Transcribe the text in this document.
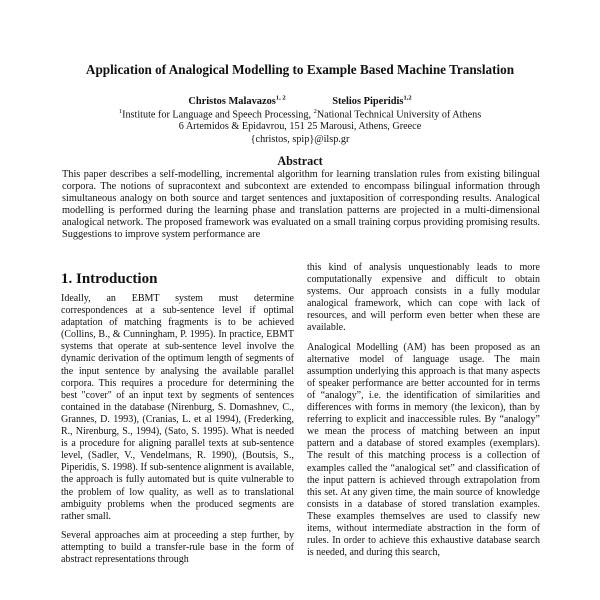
Application of Analogical Modelling to Example Based Machine Translation
Christos Malavazos$^{1, 2}$	Stelios Piperidis$^{1,2}$
$^1$Institute for Language and Speech Processing, $^2$National Technical University of Athens
6 Artemidos & Epidavrou, 151 25 Marousi, Athens, Greece
{christos, spip}@ilsp.gr
Abstract
This paper describes a self-modelling, incremental algorithm for learning translation rules from existing bilingual corpora. The notions of supracontext and subcontext are extended to encompass bilingual information through simultaneous analogy on both source and target sentences and juxtaposition of corresponding results. Analogical modelling is performed during the learning phase and translation patterns are projected in a multi-dimensional analogical network. The proposed framework was evaluated on a small training corpus providing promising results. Suggestions to improve system performance are
1. Introduction

Ideally, an EBMT system must determine correspondences at a sub-sentence level if optimal adaptation of matching fragments is to be achieved (Collins, B., & Cunningham, P. 1995). In practice, EBMT systems that operate at sub-sentence level involve the dynamic derivation of the optimum length of segments of the input sentence by analysing the available parallel corpora. This requires a procedure for determining the best "cover" of an input text by segments of sentences contained in the database (Nirenburg, S. Domashnev, C., Grannes, D. 1993), (Cranias, L. et al 1994), (Frederking, R., Nirenburg, S., 1994), (Sato, S. 1995). What is needed is a procedure for aligning parallel texts at sub-sentence level, (Sadler, V., Vendelmans, R. 1990), (Boutsis, S., Piperidis, S. 1998). If sub-sentence alignment is available, the approach is fully automated but is quite vulnerable to the problem of low quality, as well as to translational ambiguity problems when the produced segments are rather small.

Several approaches aim at proceeding a step further, by attempting to build a transfer-rule base in the form of abstract representations through

this kind of analysis unquestionably leads to more computationally expensive and difficult to obtain systems. Our approach consists in a fully modular analogical framework, which can cope with lack of resources, and will perform even better when these are available.

Analogical Modelling (AM) has been proposed as an alternative model of language usage. The main assumption underlying this approach is that many aspects of speaker performance are better accounted for in terms of “analogy”, i.e. the identification of similarities and differences with forms in memory (the lexicon), than by referring to explicit and inaccessible rules. By “analogy” we mean the process of matching between an input pattern and a database of stored examples (exemplars). The result of this matching process is a collection of examples called the “analogical set” and classification of the input pattern is achieved through extrapolation from this set. At any given time, the main source of knowledge consists in a database of stored translation examples. These examples themselves are used to classify new items, without intermediate abstraction in the form of rules. In order to achieve this exhaustive database search is needed, and during this search,
